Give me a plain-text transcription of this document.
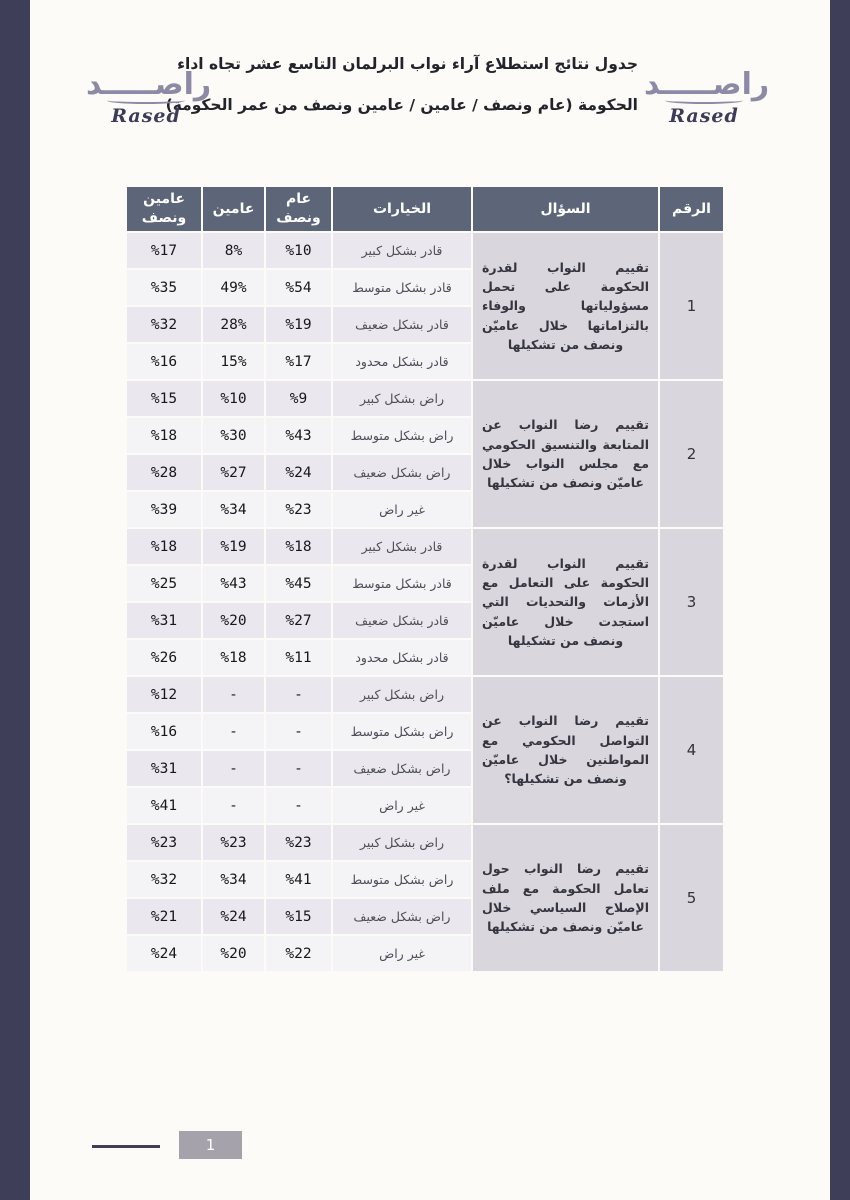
راصـــــد
Rased
جدول نتائج استطلاع آراء نواب البرلمان التاسع عشر تجاه اداء
الحكومة (عام ونصف / عامين / عامين ونصف من عمر الحكومة)
راصـــــد
Rased
الرقم	السؤال	الخيارات	عام ونصف	عامين	عامين ونصف
1	تقييم النواب لقدرة الحكومة على تحمل مسؤولياتها والوفاء بالتزاماتها خلال عاميّن ونصف من تشكيلها	قادر بشكل كبير	%10	8%	%17
		قادر بشكل متوسط	%54	49%	%35
		قادر بشكل ضعيف	%19	28%	%32
		قادر بشكل محدود	%17	15%	%16
2	تقييم رضا النواب عن المتابعة والتنسيق الحكومي مع مجلس النواب خلال عاميّن ونصف من تشكيلها	راض بشكل كبير	%9	%10	%15
		راض بشكل متوسط	%43	%30	%18
		راض بشكل ضعيف	%24	%27	%28
		غير راض	%23	%34	%39
3	تقييم النواب لقدرة الحكومة على التعامل مع الأزمات والتحديات التي استجدت خلال عاميّن ونصف من تشكيلها	قادر بشكل كبير	%18	%19	%18
		قادر بشكل متوسط	%45	%43	%25
		قادر بشكل ضعيف	%27	%20	%31
		قادر بشكل محدود	%11	%18	%26
4	تقييم رضا النواب عن التواصل الحكومي مع المواطنين خلال عاميّن ونصف من تشكيلها؟	راض بشكل كبير	-	-	%12
		راض بشكل متوسط	-	-	%16
		راض بشكل ضعيف	-	-	%31
		غير راض	-	-	%41
5	تقييم رضا النواب حول تعامل الحكومة مع ملف الإصلاح السياسي خلال عاميّن ونصف من تشكيلها	راض بشكل كبير	%23	%23	%23
		راض بشكل متوسط	%41	%34	%32
		راض بشكل ضعيف	%15	%24	%21
		غير راض	%22	%20	%24
1
